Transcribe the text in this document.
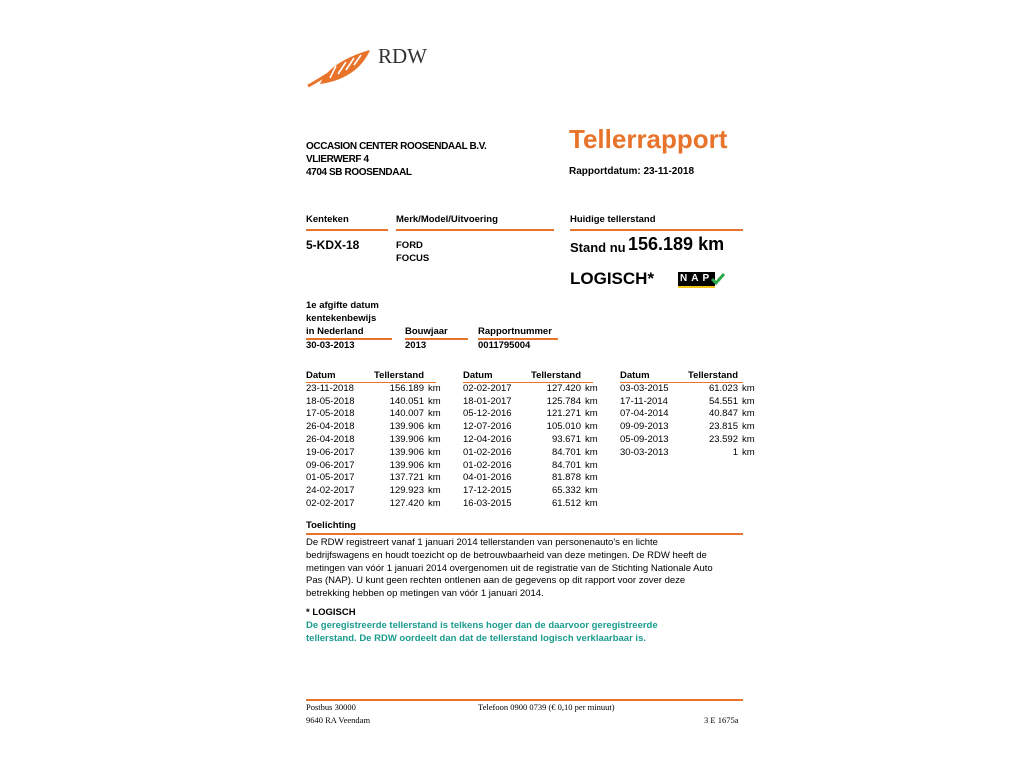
RDW
OCCASION CENTER ROOSENDAAL B.V.
VLIERWERF 4
4704 SB ROOSENDAAL
Tellerrapport
Rapportdatum: 23-11-2018
Kenteken	Merk/Model/Uitvoering	Huidige tellerstand
5-KDX-18	FORD
FOCUS
Stand nu 156.189 km
LOGISCH*	NAP
1e afgifte datum
kentekenbewijs
in Nederland
30-03-2013
Bouwjaar
2013
Rapportnummer
0011795004
Datum	Tellerstand
23-11-2018	156.189 km
18-05-2018	140.051 km
17-05-2018	140.007 km
26-04-2018	139.906 km
26-04-2018	139.906 km
19-06-2017	139.906 km
09-06-2017	139.906 km
01-05-2017	137.721 km
24-02-2017	129.923 km
02-02-2017	127.420 km
Datum	Tellerstand
02-02-2017	127.420 km
18-01-2017	125.784 km
05-12-2016	121.271 km
12-07-2016	105.010 km
12-04-2016	93.671 km
01-02-2016	84.701 km
01-02-2016	84.701 km
04-01-2016	81.878 km
17-12-2015	65.332 km
16-03-2015	61.512 km
Datum	Tellerstand
03-03-2015	61.023 km
17-11-2014	54.551 km
07-04-2014	40.847 km
09-09-2013	23.815 km
05-09-2013	23.592 km
30-03-2013	1 km
Toelichting
De RDW registreert vanaf 1 januari 2014 tellerstanden van personenauto's en lichte
bedrijfswagens en houdt toezicht op de betrouwbaarheid van deze metingen. De RDW heeft de
metingen van vóór 1 januari 2014 overgenomen uit de registratie van de Stichting Nationale Auto
Pas (NAP). U kunt geen rechten ontlenen aan de gegevens op dit rapport voor zover deze
betrekking hebben op metingen van vóór 1 januari 2014.
* LOGISCH
De geregistreerde tellerstand is telkens hoger dan de daarvoor geregistreerde
tellerstand. De RDW oordeelt dan dat de tellerstand logisch verklaarbaar is.
Postbus 30000
9640 RA Veendam
Telefoon 0900 0739 (€ 0,10 per minuut)
3 E 1675a
